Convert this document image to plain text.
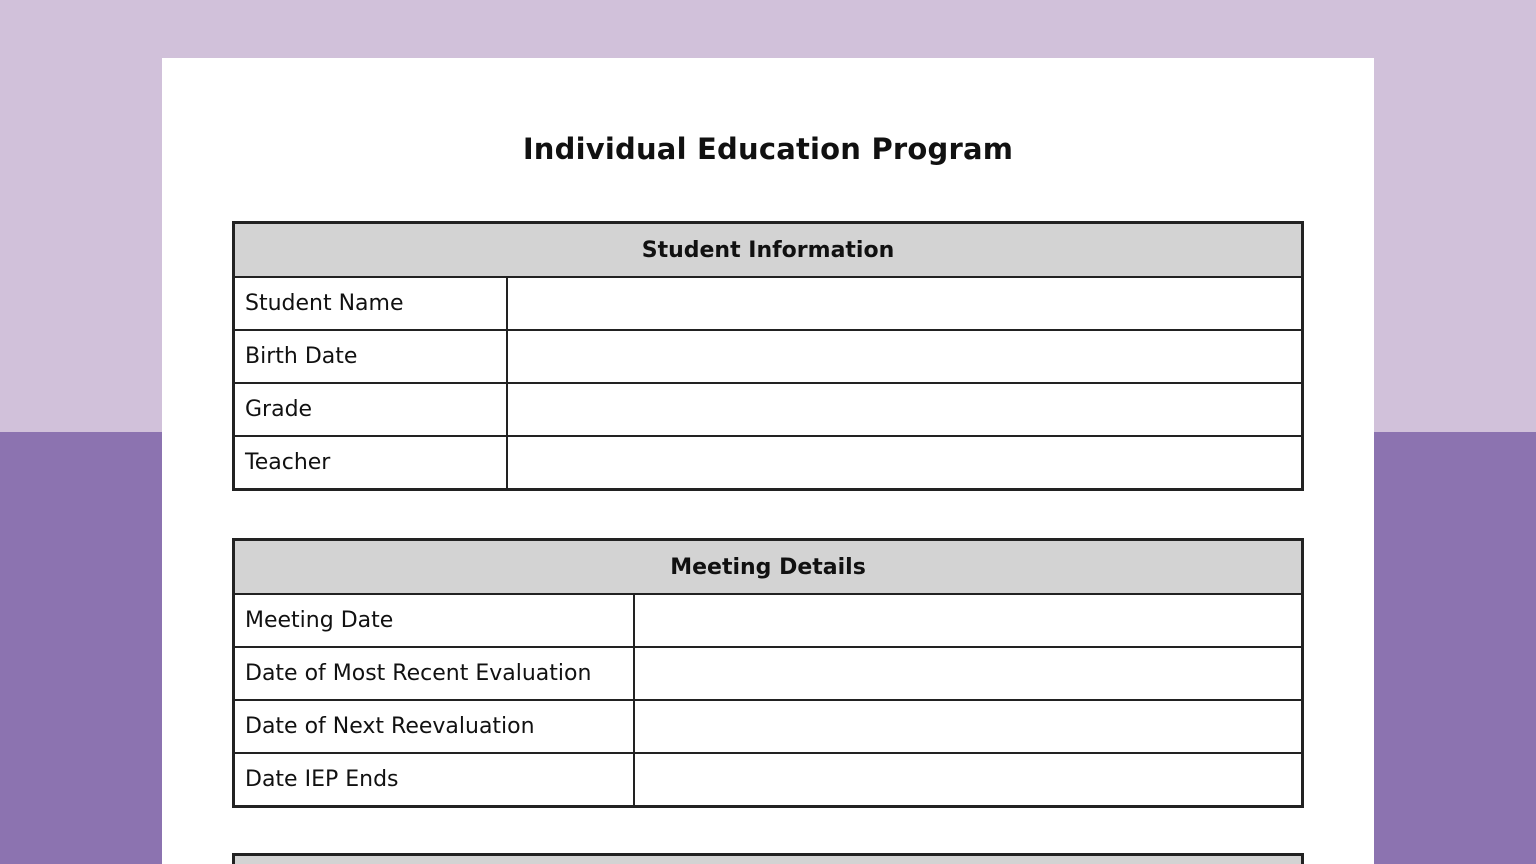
Individual Education Program
Student Information	
Student Name	
Birth Date	
Grade	
Teacher	
Meeting Details	
Meeting Date	
Date of Most Recent Evaluation	
Date of Next Reevaluation	
Date IEP Ends	
